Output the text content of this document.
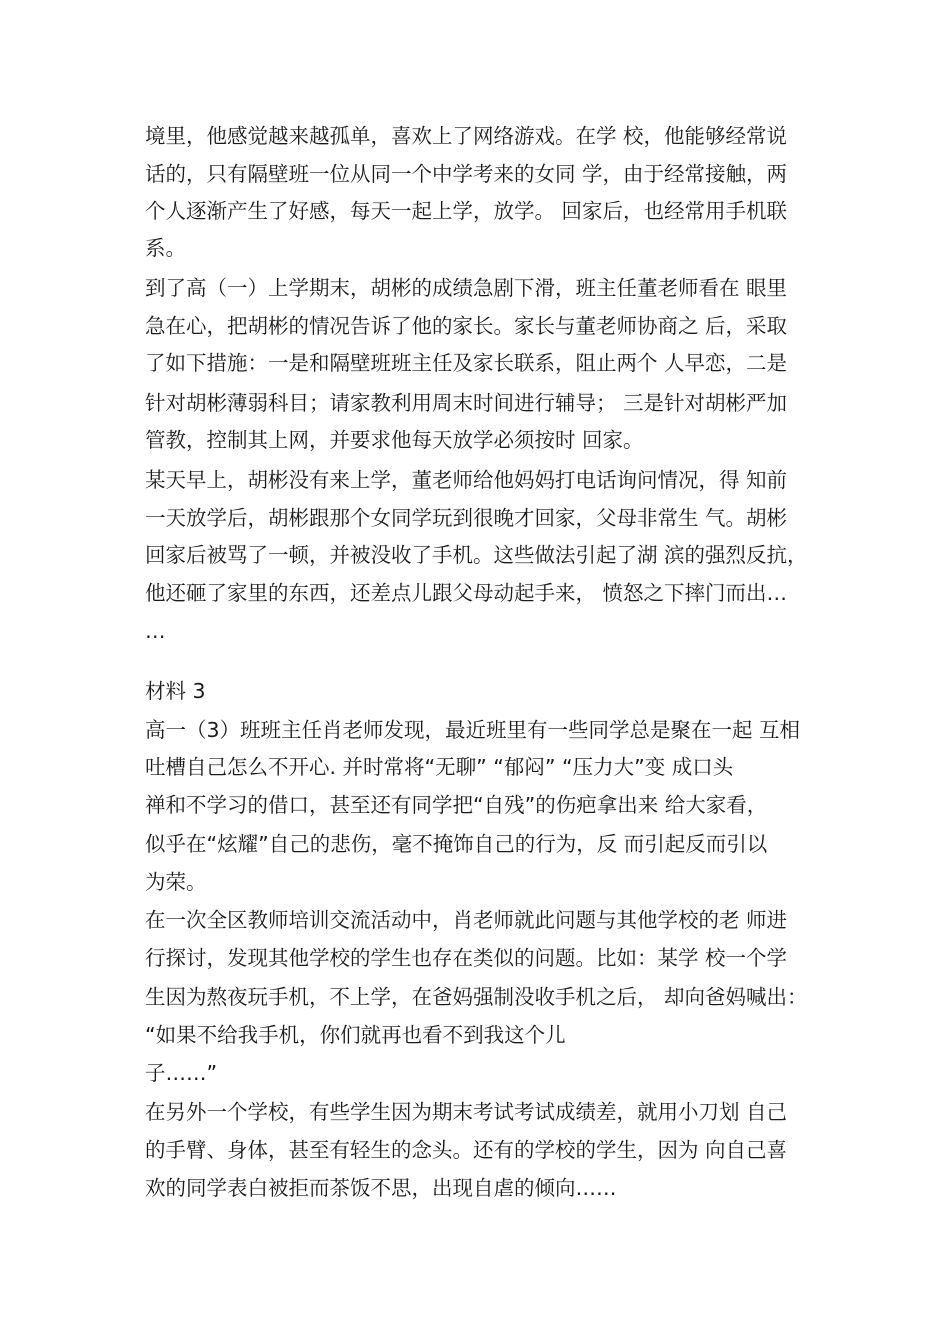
境里，他感觉越来越孤单，喜欢上了网络游戏。在学 校，他能够经常说
话的，只有隔壁班一位从同一个中学考来的女同 学，由于经常接触，两
个人逐渐产生了好感，每天一起上学，放学。 回家后，也经常用手机联
系。
到了高（一）上学期末，胡彬的成绩急剧下滑，班主任董老师看在 眼里
急在心，把胡彬的情况告诉了他的家长。家长与董老师协商之 后，采取
了如下措施：一是和隔壁班班主任及家长联系，阻止两个 人早恋，二是
针对胡彬薄弱科目；请家教利用周末时间进行辅导； 三是针对胡彬严加
管教，控制其上网，并要求他每天放学必须按时 回家。
某天早上，胡彬没有来上学，董老师给他妈妈打电话询问情况，得 知前
一天放学后，胡彬跟那个女同学玩到很晚才回家，父母非常生 气。胡彬
回家后被骂了一顿，并被没收了手机。这些做法引起了湖 滨的强烈反抗，
他还砸了家里的东西，还差点儿跟父母动起手来， 愤怒之下摔门而出…
…
材料 3
高一（3）班班主任肖老师发现，最近班里有一些同学总是聚在一起 互相
吐槽自己怎么不开心. 并时常将“无聊” “郁闷” “压力大”变 成口头
禅和不学习的借口，甚至还有同学把“自残”的伤疤拿出来 给大家看，
似乎在“炫耀”自己的悲伤，毫不掩饰自己的行为，反 而引起反而引以
为荣。
在一次全区教师培训交流活动中，肖老师就此问题与其他学校的老 师进
行探讨，发现其他学校的学生也存在类似的问题。比如：某学 校一个学
生因为熬夜玩手机，不上学，在爸妈强制没收手机之后， 却向爸妈喊出：
“如果不给我手机，你们就再也看不到我这个儿
子……”
在另外一个学校，有些学生因为期末考试考试成绩差，就用小刀划 自己
的手臂、身体，甚至有轻生的念头。还有的学校的学生，因为 向自己喜
欢的同学表白被拒而茶饭不思，出现自虐的倾向……
